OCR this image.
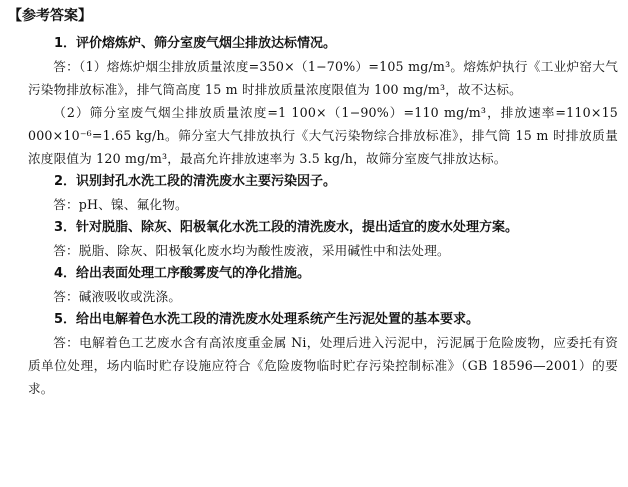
【参考答案】
1．评价熔炼炉、筛分室废气烟尘排放达标情况。
答：（1）熔炼炉烟尘排放质量浓度=350×（1−70%）=105 mg/m³。熔炼炉执行《工业炉窑大气污染物排放标准》，排气筒高度 15 m 时排放质量浓度限值为 100 mg/m³，故不达标。
（2）筛分室废气烟尘排放质量浓度=1 100×（1−90%）=110 mg/m³，排放速率=110×15 000×10⁻⁶=1.65 kg/h。筛分室大气排放执行《大气污染物综合排放标准》，排气筒 15 m 时排放质量浓度限值为 120 mg/m³，最高允许排放速率为 3.5 kg/h，故筛分室废气排放达标。
2．识别封孔水洗工段的清洗废水主要污染因子。
答：pH、镍、氟化物。
3．针对脱脂、除灰、阳极氧化水洗工段的清洗废水，提出适宜的废水处理方案。
答：脱脂、除灰、阳极氧化废水均为酸性废液，采用碱性中和法处理。
4．给出表面处理工序酸雾废气的净化措施。
答：碱液吸收或洗涤。
5．给出电解着色水洗工段的清洗废水处理系统产生污泥处置的基本要求。
答：电解着色工艺废水含有高浓度重金属 Ni，处理后进入污泥中，污泥属于危险废物，应委托有资质单位处理，场内临时贮存设施应符合《危险废物临时贮存污染控制标准》（GB 18596—2001）的要求。
